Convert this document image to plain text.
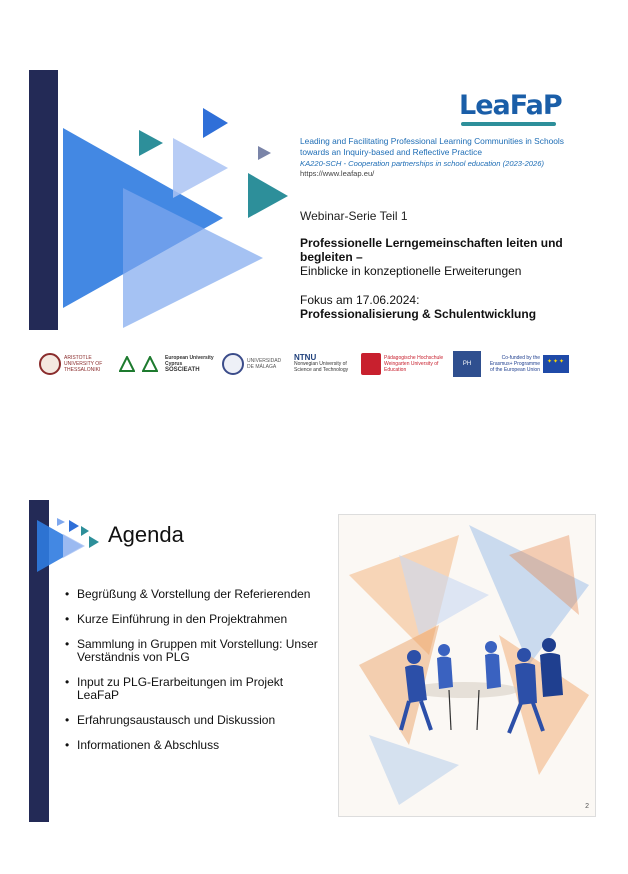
LeaFaP
Leading and Facilitating Professional Learning Communities in Schools towards an Inquiry-based and Reflective Practice
KA220-SCH - Cooperation partnerships in school education (2023-2026)
https://www.leafap.eu/
Webinar-Serie Teil 1
Professionelle Lerngemeinschaften leiten und begleiten –
Einblicke in konzeptionelle Erweiterungen
Fokus am 17.06.2024:
Professionalisierung & Schulentwicklung
ARISTOTLE UNIVERSITY OF THESSALONIKI
European University Cyprus
SOSCIEATH
UNIVERSIDAD DE MÁLAGA
NTNU
Norwegian University of Science and Technology
Pädagogische Hochschule Weingarten University of Education
PH
Co-funded by the Erasmus+ Programme of the European Union
✦✦✦
Agenda
• Begrüßung & Vorstellung der Referierenden
• Kurze Einführung in den Projektrahmen
• Sammlung in Gruppen mit Vorstellung: Unser Verständnis von PLG
• Input zu PLG-Erarbeitungen im Projekt LeaFaP
• Erfahrungsaustausch und Diskussion
• Informationen & Abschluss
2
